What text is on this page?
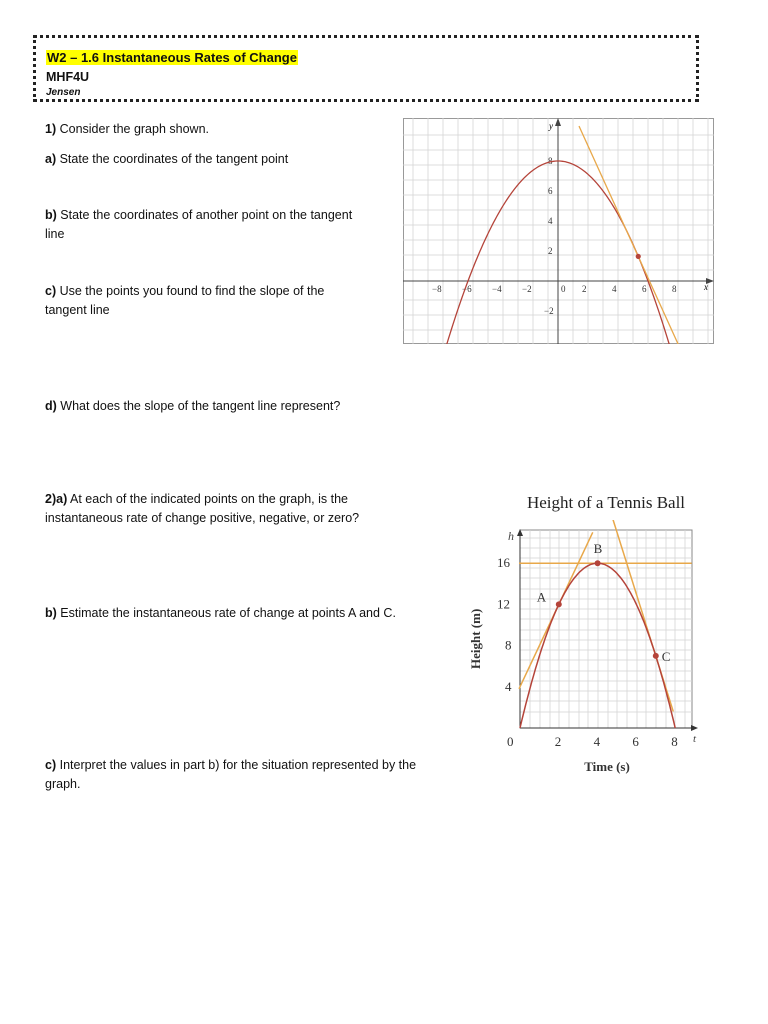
W2 – 1.6 Instantaneous Rates of Change
MHF4U
Jensen
1) Consider the graph shown.
a) State the coordinates of the tangent point
b) State the coordinates of another point on the tangent line
c) Use the points you found to find the slope of the tangent line
d) What does the slope of the tangent line represent?
2)a) At each of the indicated points on the graph, is the instantaneous rate of change positive, negative, or zero?
b) Estimate the instantaneous rate of change at points A and C.
c) Interpret the values in part b) for the situation represented by the graph.
y
x
−8 −6 −4 −2	0 2	4	6	8
8
6
4
2
−2
Height of a Tennis Ball
h
t
Height (m)
Time (s)
0	2 4 6 8
16
12
8
4
A
B
C
